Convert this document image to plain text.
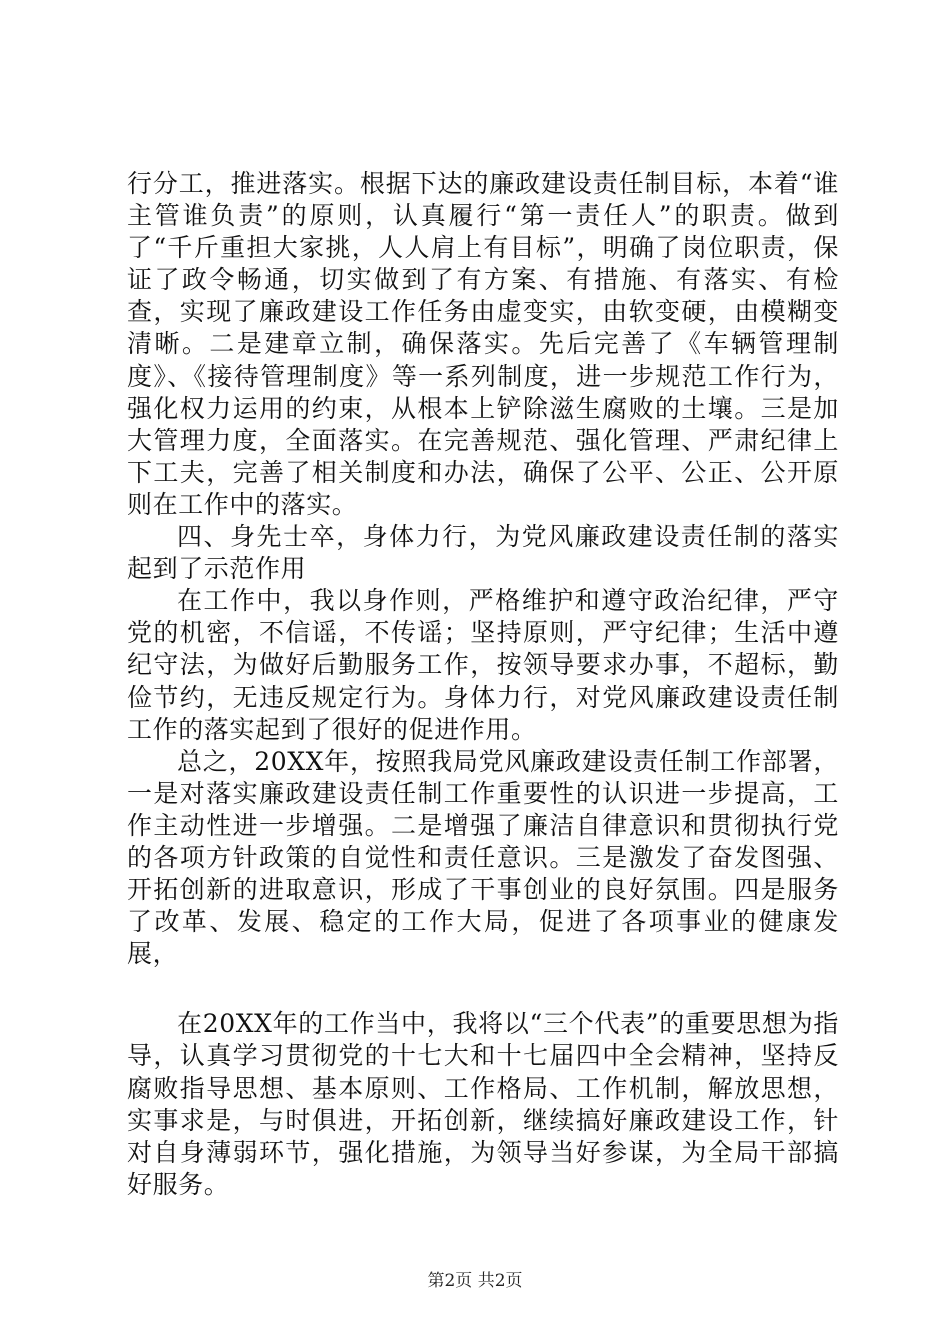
行分工，推进落实。根据下达的廉政建设责任制目标，本着“谁主管谁负责”的原则，认真履行“第一责任人”的职责。做到了“千斤重担大家挑，人人肩上有目标”，明确了岗位职责，保证了政令畅通，切实做到了有方案、有措施、有落实、有检查，实现了廉政建设工作任务由虚变实，由软变硬，由模糊变清晰。二是建章立制，确保落实。先后完善了《车辆管理制度》、《接待管理制度》等一系列制度，进一步规范工作行为，强化权力运用的约束，从根本上铲除滋生腐败的土壤。三是加大管理力度，全面落实。在完善规范、强化管理、严肃纪律上下工夫，完善了相关制度和办法，确保了公平、公正、公开原则在工作中的落实。

四、身先士卒，身体力行，为党风廉政建设责任制的落实起到了示范作用

在工作中，我以身作则，严格维护和遵守政治纪律，严守党的机密，不信谣，不传谣；坚持原则，严守纪律；生活中遵纪守法，为做好后勤服务工作，按领导要求办事，不超标，勤俭节约，无违反规定行为。身体力行，对党风廉政建设责任制工作的落实起到了很好的促进作用。

总之，20XX年，按照我局党风廉政建设责任制工作部署，一是对落实廉政建设责任制工作重要性的认识进一步提高，工作主动性进一步增强。二是增强了廉洁自律意识和贯彻执行党的各项方针政策的自觉性和责任意识。三是激发了奋发图强、开拓创新的进取意识，形成了干事创业的良好氛围。四是服务了改革、发展、稳定的工作大局，促进了各项事业的健康发展，

在20XX年的工作当中，我将以“三个代表”的重要思想为指导，认真学习贯彻党的十七大和十七届四中全会精神，坚持反腐败指导思想、基本原则、工作格局、工作机制，解放思想，实事求是，与时俱进，开拓创新，继续搞好廉政建设工作，针对自身薄弱环节，强化措施，为领导当好参谋，为全局干部搞好服务。

第2页 共2页
